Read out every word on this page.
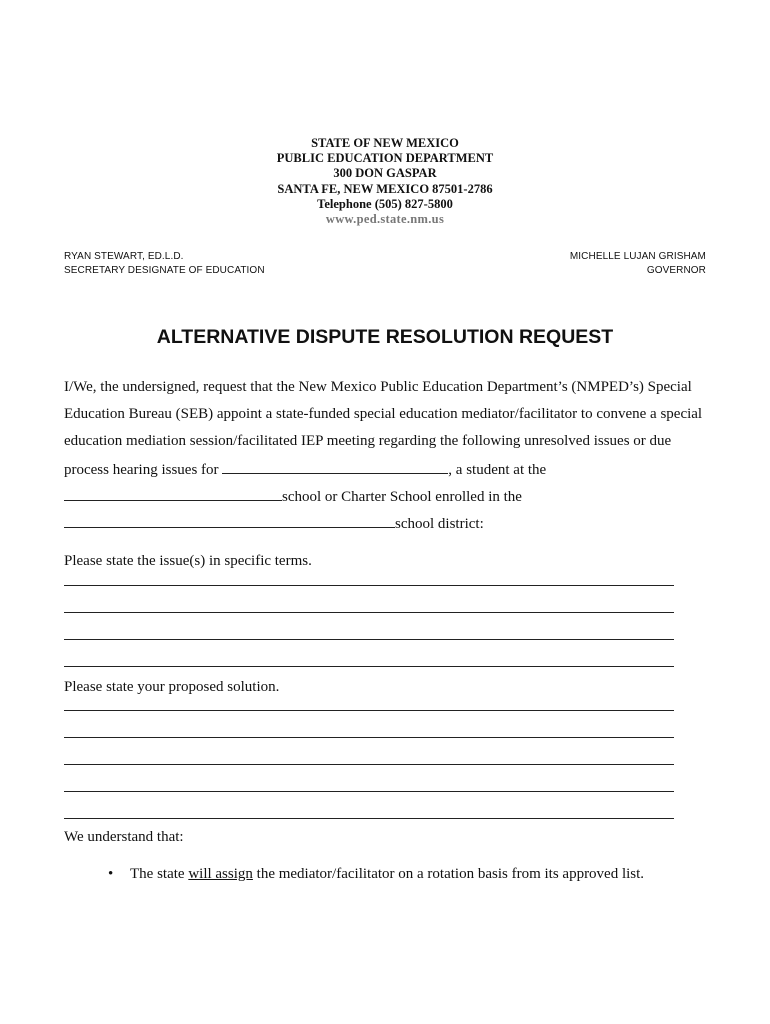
STATE OF NEW MEXICO
PUBLIC EDUCATION DEPARTMENT
300 DON GASPAR
SANTA FE, NEW MEXICO 87501-2786
Telephone (505) 827-5800
www.ped.state.nm.us
RYAN STEWART, ED.L.D.
SECRETARY DESIGNATE OF EDUCATION
MICHELLE LUJAN GRISHAM
GOVERNOR
ALTERNATIVE DISPUTE RESOLUTION REQUEST
I/We, the undersigned, request that the New Mexico Public Education Department’s (NMPED’s) Special
Education Bureau (SEB) appoint a state-funded special education mediator/facilitator to convene a special
education mediation session/facilitated IEP meeting regarding the following unresolved issues or due
process hearing issues for	, a student at the
school or Charter School enrolled in the
school district:
Please state the issue(s) in specific terms.
Please state your proposed solution.
We understand that:
• The state will assign the mediator/facilitator on a rotation basis from its approved list.
